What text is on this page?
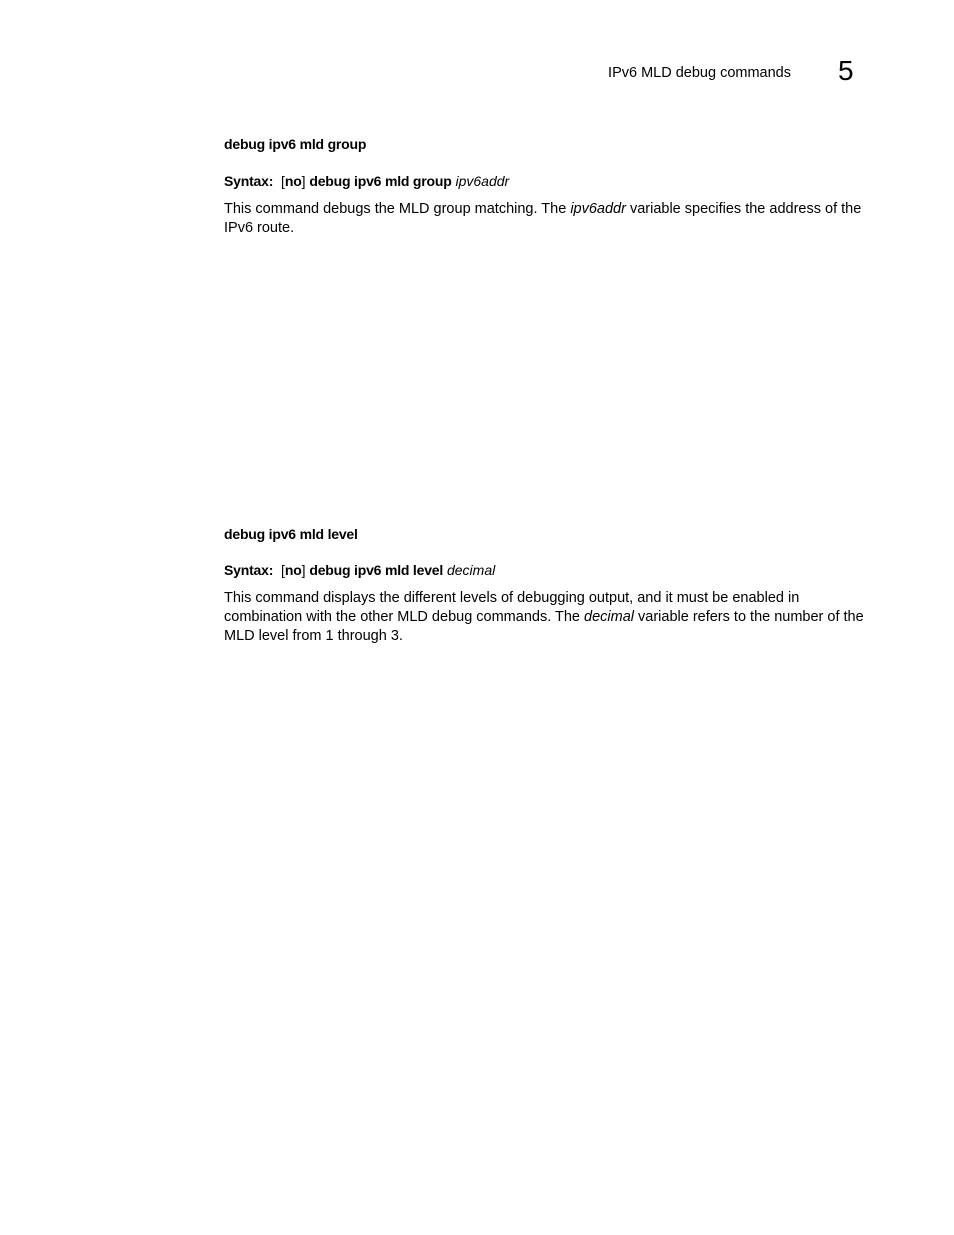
IPv6 MLD debug commands 5
debug ipv6 mld group
Syntax: [no] debug ipv6 mld group ipv6addr
This command debugs the MLD group matching. The ipv6addr variable specifies the address of the IPv6 route.
debug ipv6 mld level
Syntax: [no] debug ipv6 mld level decimal
This command displays the different levels of debugging output, and it must be enabled in combination with the other MLD debug commands. The decimal variable refers to the number of the MLD level from 1 through 3.
